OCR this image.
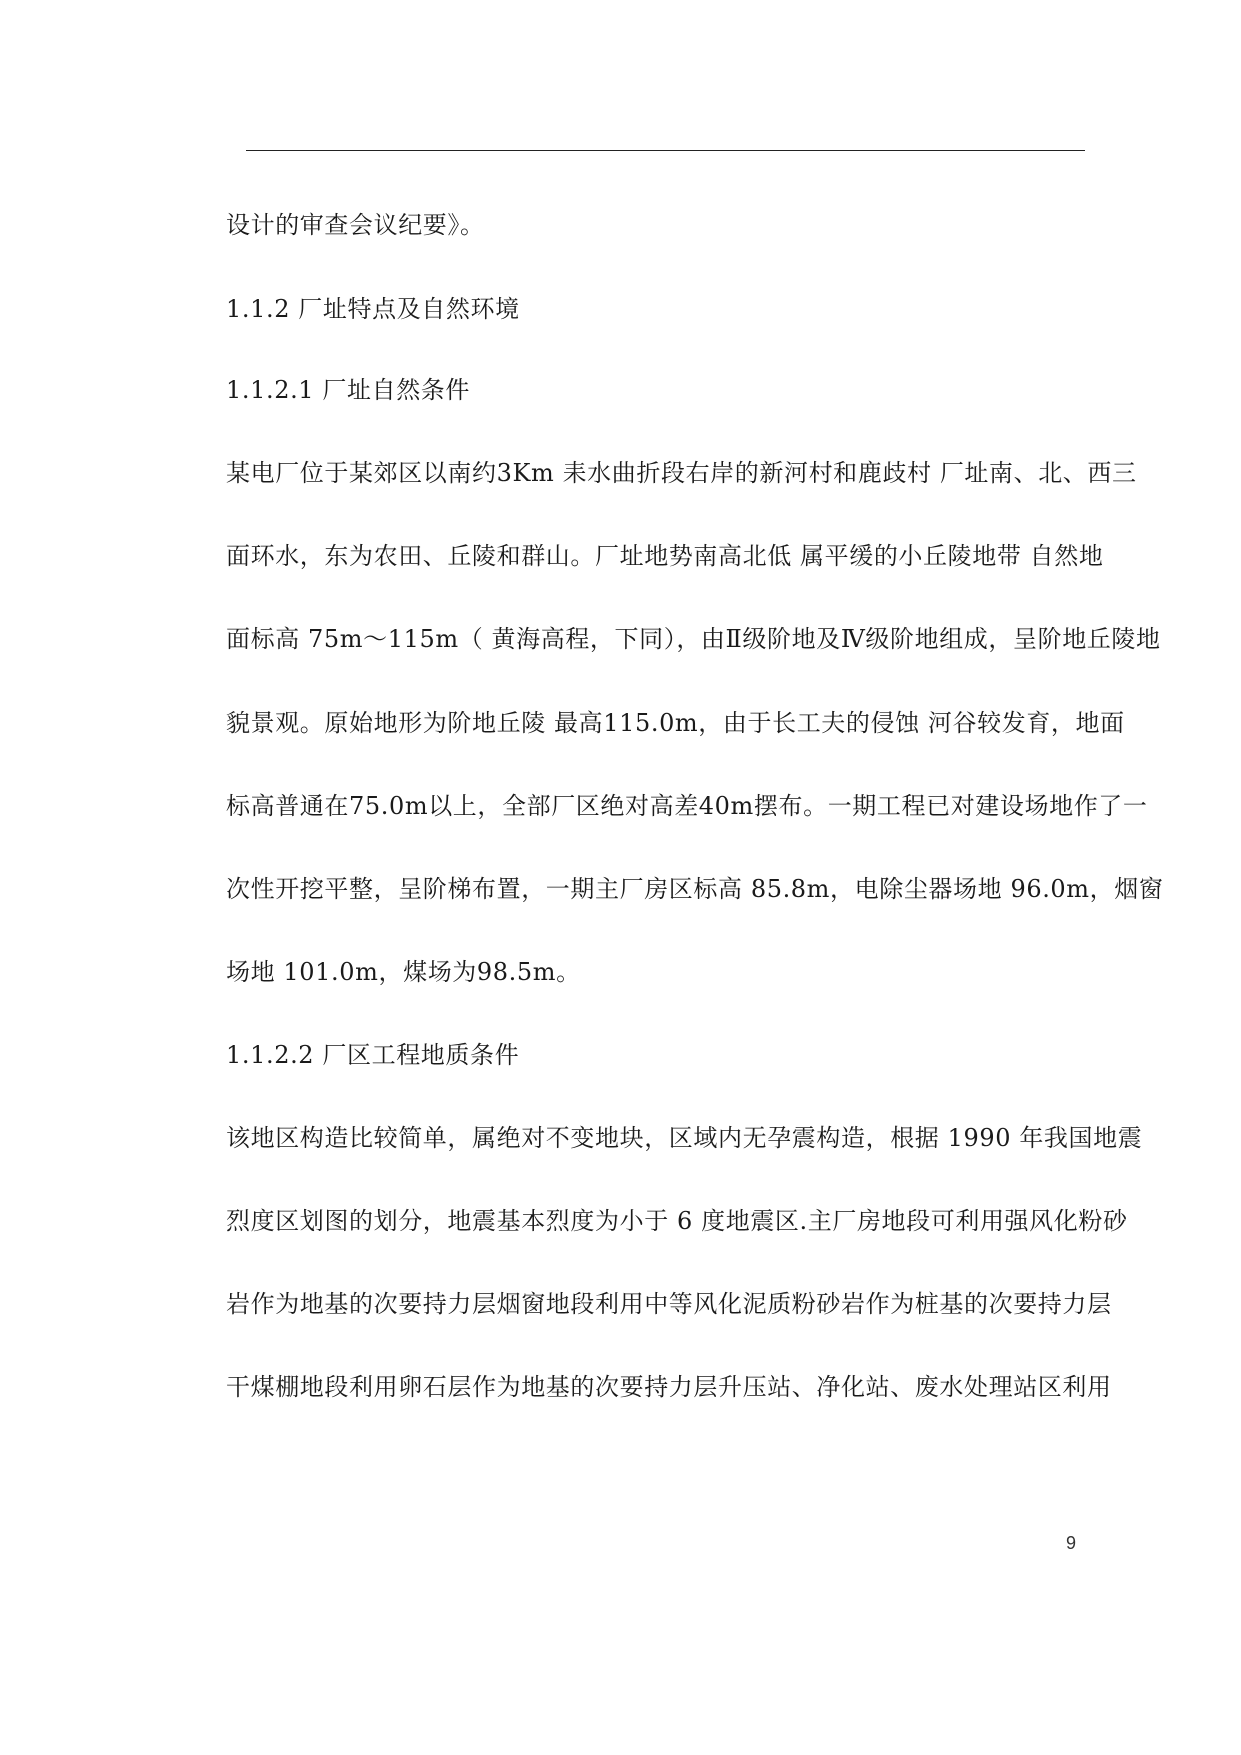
设计的审查会议纪要》。
1.1.2 厂址特点及自然环境
1.1.2.1 厂址自然条件
某电厂位于某郊区以南约3Km 耒水曲折段右岸的新河村和鹿歧村 厂址南、北、西三
面环水，东为农田、丘陵和群山。厂址地势南高北低 属平缓的小丘陵地带 自然地
面标高 75m～115m（ 黄海高程，下同），由Ⅱ级阶地及Ⅳ级阶地组成，呈阶地丘陵地
貌景观。原始地形为阶地丘陵 最高115.0m，由于长工夫的侵蚀 河谷较发育，地面
标高普通在75.0m以上，全部厂区绝对高差40m摆布。一期工程已对建设场地作了一
次性开挖平整，呈阶梯布置，一期主厂房区标高 85.8m，电除尘器场地 96.0m，烟窗
场地 101.0m，煤场为98.5m。
1.1.2.2 厂区工程地质条件
该地区构造比较简单，属绝对不变地块，区域内无孕震构造，根据 1990 年我国地震
烈度区划图的划分，地震基本烈度为小于 6 度地震区.主厂房地段可利用强风化粉砂
岩作为地基的次要持力层烟窗地段利用中等风化泥质粉砂岩作为桩基的次要持力层
干煤棚地段利用卵石层作为地基的次要持力层升压站、净化站、废水处理站区利用
9
